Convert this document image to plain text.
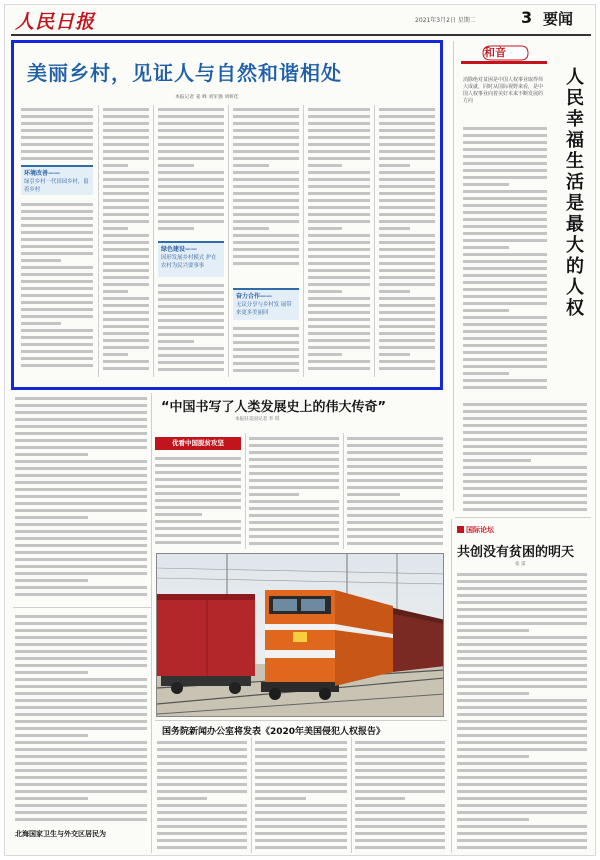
人民日报	2021年3月2日 星期二	3 要闻
美丽乡村，见证人与自然和谐相处
本报记者 姜 峰 刘军强 刘妍佳
环境改善——
绿引乡村一代田园乡村，留着乡村
绿色建设——
因形发展乡村模式 护在农村为民兴要事事
奋力合作——
无议分享与乡村发 展带来更多美丽回
和音
消除绝对贫困是中国人权事业取得伟大成就，同时从国际视野来看，是中国人权事业向着美好未来不断发展的方向
人民幸福生活是最大的人权
北海国家卫生与外交区居民为
“中国书写了人类发展史上的伟大传奇”
本报驻美国记者 李 琪
优看中国脱贫攻坚
国际论坛
共创没有贫困的明天
张 雷
国务院新闻办公室将发表《2020年美国侵犯人权报告》
